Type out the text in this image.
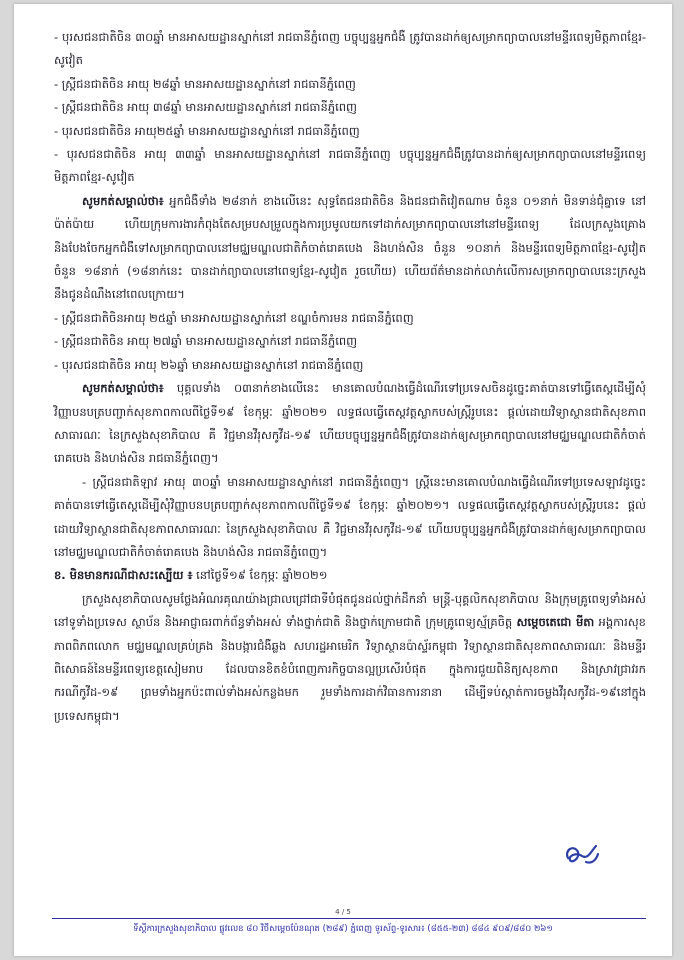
- បុរសជនជាតិចិន ៣០ឆ្នាំ មានអាសយដ្ឋានស្នាក់នៅ រាជធានីភ្នំពេញ បច្ចុប្បន្នអ្នកជំងឺ ត្រូវបានដាក់ឲ្យសម្រាកព្យាបាលនៅមន្ទីរពេទ្យមិត្តភាពខ្មែរ-សូវៀត

- ស្ត្រីជនជាតិចិន អាយុ ២៨ឆ្នាំ មានអាសយដ្ឋានស្នាក់នៅ រាជធានីភ្នំពេញ

- ស្ត្រីជនជាតិចិន អាយុ ៣៨ឆ្នាំ មានអាសយដ្ឋានស្នាក់នៅ រាជធានីភ្នំពេញ

- បុរសជនជាតិចិន អាយុ២៥ឆ្នាំ មានអាសយដ្ឋានស្នាក់នៅ រាជធានីភ្នំពេញ

- បុរសជនជាតិចិន អាយុ ៣៣ឆ្នាំ មានអាសយដ្ឋានស្នាក់នៅ រាជធានីភ្នំពេញ បច្ចុប្បន្នអ្នកជំងឺត្រូវបានដាក់ឲ្យសម្រាកព្យាបាលនៅមន្ទីរពេទ្យមិត្តភាពខ្មែរ-សូវៀត

សូមកត់សម្គាល់ថា៖ អ្នកជំងឺទាំង ២៨នាក់ ខាងលើនេះ សុទ្ធតែជនជាតិចិន និងជនជាតិវៀតណាម ចំនួន ០១នាក់ មិនទាន់ជុំគ្នាទេ នៅប៉ាត់ប៉ាយ ហើយក្រុមការងារកំពុងតែសម្របសម្រួលក្នុងការប្រមូលយកទៅដាក់សម្រាកព្យាបាលនៅនៅមន្ទីរពេទ្យ ដែលក្រសួងគ្រោង និងបែងចែកអ្នកជំងឺទៅសម្រាកព្យាបាលនៅមជ្ឈមណ្ឌលជាតិកំចាត់រោគបេង និងហង់សិន ចំនួន ១០នាក់ និងមន្ទីរពេទ្យមិត្តភាពខ្មែរ-សូវៀត ចំនួន ១៨នាក់ (១៨នាក់នេះ បានដាក់ព្យាបាលនៅពេទ្យខ្មែរ-សូវៀត រួចហើយ) ហើយព័ត៌មានដាក់លាក់លើការសម្រាកព្យាបាលនេះក្រសួងនឹងជូនដំណឹងនៅពេលក្រោយ។

- ស្ត្រីជនជាតិចិនអាយុ ២៥ឆ្នាំ មានអាសយដ្ឋានស្នាក់នៅ ខណ្ឌចំការមន រាជធានីភ្នំពេញ

- ស្ត្រីជនជាតិចិន អាយុ ២៧ឆ្នាំ មានអាសយដ្ឋានស្នាក់នៅ រាជធានីភ្នំពេញ

- បុរសជនជាតិចិន អាយុ ២៦ឆ្នាំ មានអាសយដ្ឋានស្នាក់នៅ រាជធានីភ្នំពេញ

សូមកត់សម្គាល់ថា៖ បុគ្គលទាំង ០៣នាក់ខាងលើនេះ មានគោលបំណងធ្វើដំណើរទៅប្រទេសចិនដូច្នេះគាត់បានទៅធ្វើតេស្តដើម្បីសុំវិញ្ញាបនបត្របញ្ជាក់សុខភាពកាលពីថ្ងៃទី១៩ ខែកុម្ភៈ ឆ្នាំ២០២១ លទ្ធផលធ្វើតេស្តវត្តស្លាកបស់ស្ត្រីរូបនេះ ផ្តល់ដោយវិទ្យាស្ថានជាតិសុខភាពសាធារណៈ នៃក្រសួងសុខាភិបាល គឺ វិជ្ជមានវីរុសកូវីដ-១៩ ហើយបច្ចុប្បន្នអ្នកជំងឺត្រូវបានដាក់ឲ្យសម្រាកព្យាបាលនៅមជ្ឈមណ្ឌលជាតិកំចាត់រោគបេង និងហង់សិន រាជធានីភ្នំពេញ។

- ស្ត្រីជនជាតិឡាវ អាយុ ៣០ឆ្នាំ មានអាសយដ្ឋានស្នាក់នៅ រាជធានីភ្នំពេញ។ ស្ត្រីនេះមានគោលបំណងធ្វើដំណើរទៅប្រទេសឡាវដូច្នេះគាត់បានទៅធ្វើតេស្តដើម្បីសុំវិញ្ញាបនបត្របញ្ជាក់សុខភាពកាលពីថ្ងៃទី១៩ ខែកុម្ភៈ ឆ្នាំ២០២១។ លទ្ធផលធ្វើតេស្តវត្តស្លាកបស់ស្ត្រីរូបនេះ ផ្តល់ដោយវិទ្យាស្ថានជាតិសុខភាពសាធារណៈ នៃក្រសួងសុខាភិបាល គឺ វិជ្ជមានវីរុសកូវីដ-១៩ ហើយបច្ចុប្បន្នអ្នកជំងឺត្រូវបានដាក់ឲ្យសម្រាកព្យាបាលនៅមជ្ឈមណ្ឌលជាតិកំចាត់រោគបេង និងហង់សិន រាជធានីភ្នំពេញ។

ខ. មិនមានករណីជាសះស្បើយ ៖ នៅថ្ងៃទី១៩ ខែកុម្ភៈ ឆ្នាំ២០២១

ក្រសួងសុខាភិបាលសូមថ្លែងអំណរគុណយ៉ាងជ្រាលជ្រៅជាទីបំផុតជូនដល់ថ្នាក់ដឹកនាំ មន្ត្រី-បុគ្គលិកសុខាភិបាល និងក្រុមគ្រូពេទ្យទាំងអស់នៅទូទាំងប្រទេស ស្ថាប័ន និងអាជ្ញាធរពាក់ព័ន្ធទាំងអស់ ទាំងថ្នាក់ជាតិ និងថ្នាក់ក្រោមជាតិ ក្រុមគ្រូពេទ្យស្ម័គ្រចិត្ត សម្តេចតេជោ មីតា អង្គការសុខភាពពិភពលោក មជ្ឈមណ្ឌលគ្រប់គ្រង និងបង្ការជំងឺឆ្លង សហរដ្ឋអាមេរិក វិទ្យាស្ថានប៉ាស្ទ័រកម្ពុជា វិទ្យាស្ថានជាតិសុខភាពសាធារណៈ និងមន្ទីរពិសោធន៍នៃមន្ទីរពេទ្យខេត្តសៀមរាប ដែលបានខិតខំបំពេញភារកិច្ចបានល្អប្រសើរបំផុត ក្នុងការជួយពិនិត្យសុខភាព និងស្រាវជ្រាវរកករណីកូវីដ-១៩ ព្រមទាំងអ្នកប៉ះពាល់ទាំងអស់កន្លងមក រួមទាំងការដាក់វិធានការនានា ដើម្បីទប់ស្កាត់ការចម្លងវីរុសកូវីដ-១៩នៅក្នុងប្រទេសកម្ពុជា។

4 / 5
ទីស្តីការក្រសួងសុខាភិបាល ផ្លូវលេខ ៨០ វិថីសម្តេចប៉ែនណុត (២៨៩) ភ្នំពេញ ទូរស័ព្ទ-ទូរសារ៖ (៨៥៥-២៣) ៨៨៤ ៩០៩/៨៨០ ២៦១
